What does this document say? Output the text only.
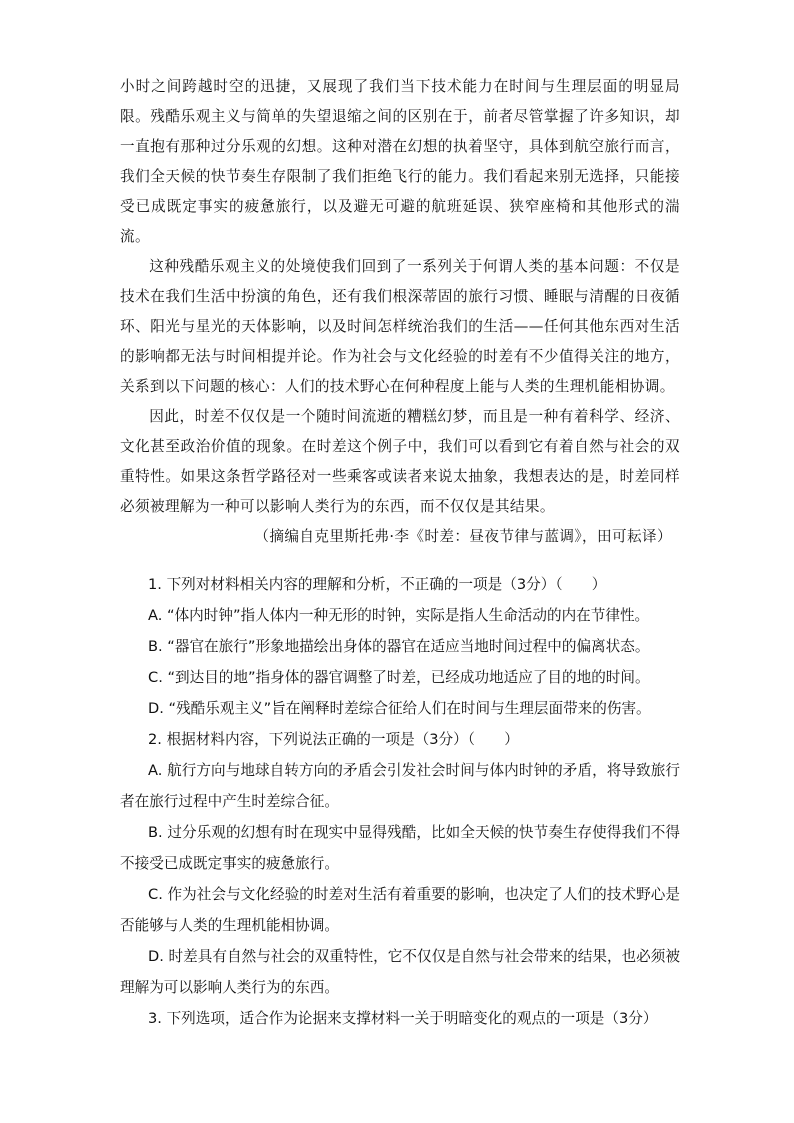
小时之间跨越时空的迅捷，又展现了我们当下技术能力在时间与生理层面的明显局限。残酷乐观主义与简单的失望退缩之间的区别在于，前者尽管掌握了许多知识，却一直抱有那种过分乐观的幻想。这种对潜在幻想的执着坚守，具体到航空旅行而言，我们全天候的快节奏生存限制了我们拒绝飞行的能力。我们看起来别无选择，只能接受已成既定事实的疲惫旅行，以及避无可避的航班延误、狭窄座椅和其他形式的湍流。

这种残酷乐观主义的处境使我们回到了一系列关于何谓人类的基本问题：不仅是技术在我们生活中扮演的角色，还有我们根深蒂固的旅行习惯、睡眠与清醒的日夜循环、阳光与星光的天体影响，以及时间怎样统治我们的生活——任何其他东西对生活的影响都无法与时间相提并论。作为社会与文化经验的时差有不少值得关注的地方，关系到以下问题的核心：人们的技术野心在何种程度上能与人类的生理机能相协调。

因此，时差不仅仅是一个随时间流逝的糟糕幻梦，而且是一种有着科学、经济、文化甚至政治价值的现象。在时差这个例子中，我们可以看到它有着自然与社会的双重特性。如果这条哲学路径对一些乘客或读者来说太抽象，我想表达的是，时差同样必须被理解为一种可以影响人类行为的东西，而不仅仅是其结果。

（摘编自克里斯托弗·李《时差：昼夜节律与蓝调》，田可耘译）

1. 下列对材料相关内容的理解和分析，不正确的一项是（3分）（　　）

A. “体内时钟”指人体内一种无形的时钟，实际是指人生命活动的内在节律性。

B. “器官在旅行”形象地描绘出身体的器官在适应当地时间过程中的偏离状态。

C. “到达目的地”指身体的器官调整了时差，已经成功地适应了目的地的时间。

D. “残酷乐观主义”旨在阐释时差综合征给人们在时间与生理层面带来的伤害。

2. 根据材料内容，下列说法正确的一项是（3分）（　　）

A. 航行方向与地球自转方向的矛盾会引发社会时间与体内时钟的矛盾，将导致旅行者在旅行过程中产生时差综合征。

B. 过分乐观的幻想有时在现实中显得残酷，比如全天候的快节奏生存使得我们不得不接受已成既定事实的疲惫旅行。

C. 作为社会与文化经验的时差对生活有着重要的影响，也决定了人们的技术野心是否能够与人类的生理机能相协调。

D. 时差具有自然与社会的双重特性，它不仅仅是自然与社会带来的结果，也必须被理解为可以影响人类行为的东西。

3. 下列选项，适合作为论据来支撑材料一关于明暗变化的观点的一项是（3分）
